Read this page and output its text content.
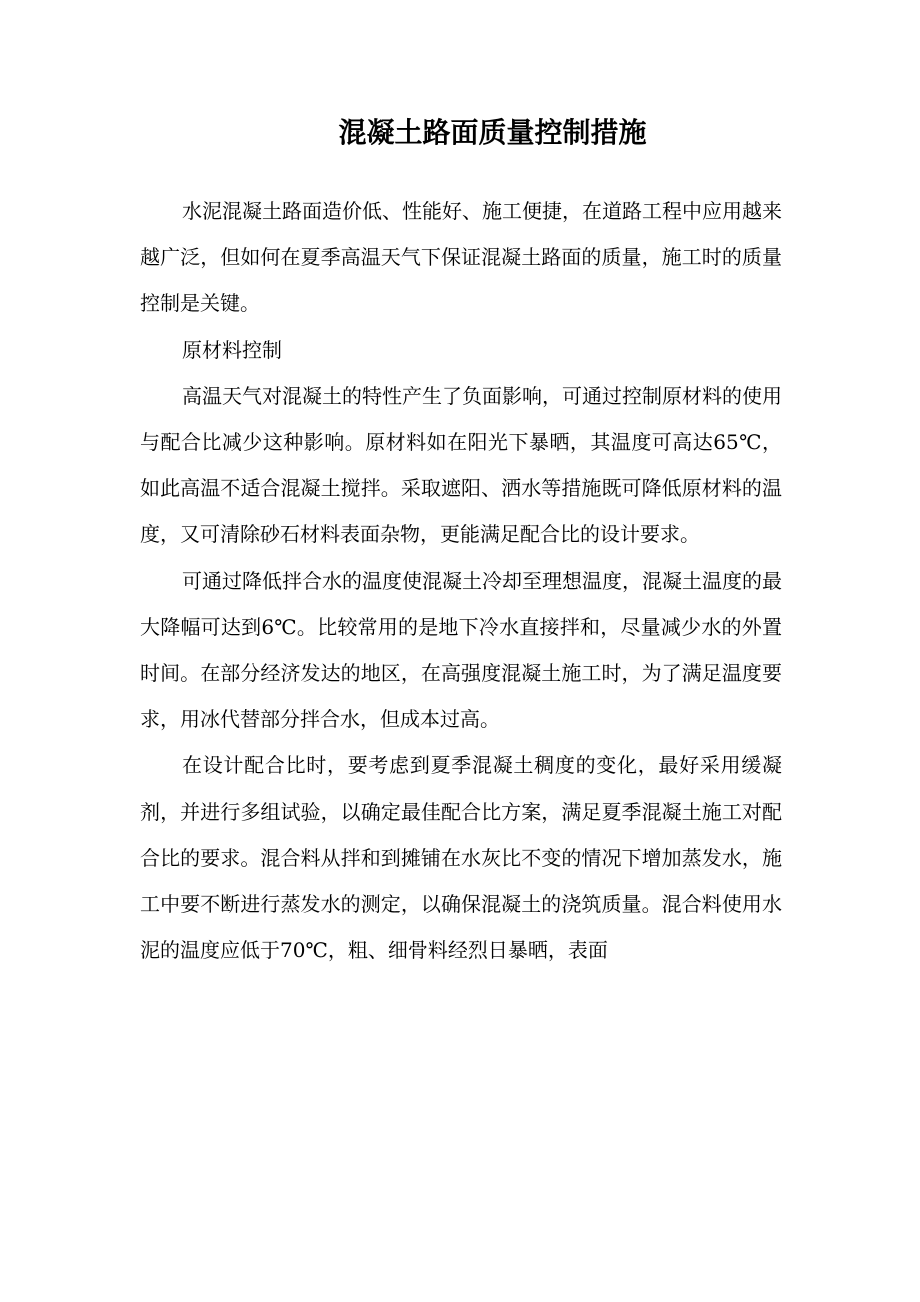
混凝土路面质量控制措施

水泥混凝土路面造价低、性能好、施工便捷，在道路工程中应用越来越广泛，但如何在夏季高温天气下保证混凝土路面的质量，施工时的质量控制是关键。

原材料控制

高温天气对混凝土的特性产生了负面影响，可通过控制原材料的使用与配合比减少这种影响。原材料如在阳光下暴晒，其温度可高达65℃，如此高温不适合混凝土搅拌。采取遮阳、洒水等措施既可降低原材料的温度，又可清除砂石材料表面杂物，更能满足配合比的设计要求。

可通过降低拌合水的温度使混凝土冷却至理想温度，混凝土温度的最大降幅可达到6℃。比较常用的是地下冷水直接拌和，尽量减少水的外置时间。在部分经济发达的地区，在高强度混凝土施工时，为了满足温度要求，用冰代替部分拌合水，但成本过高。

在设计配合比时，要考虑到夏季混凝土稠度的变化，最好采用缓凝剂，并进行多组试验，以确定最佳配合比方案，满足夏季混凝土施工对配合比的要求。混合料从拌和到摊铺在水灰比不变的情况下增加蒸发水，施工中要不断进行蒸发水的测定，以确保混凝土的浇筑质量。混合料使用水泥的温度应低于70℃，粗、细骨料经烈日暴晒，表面
